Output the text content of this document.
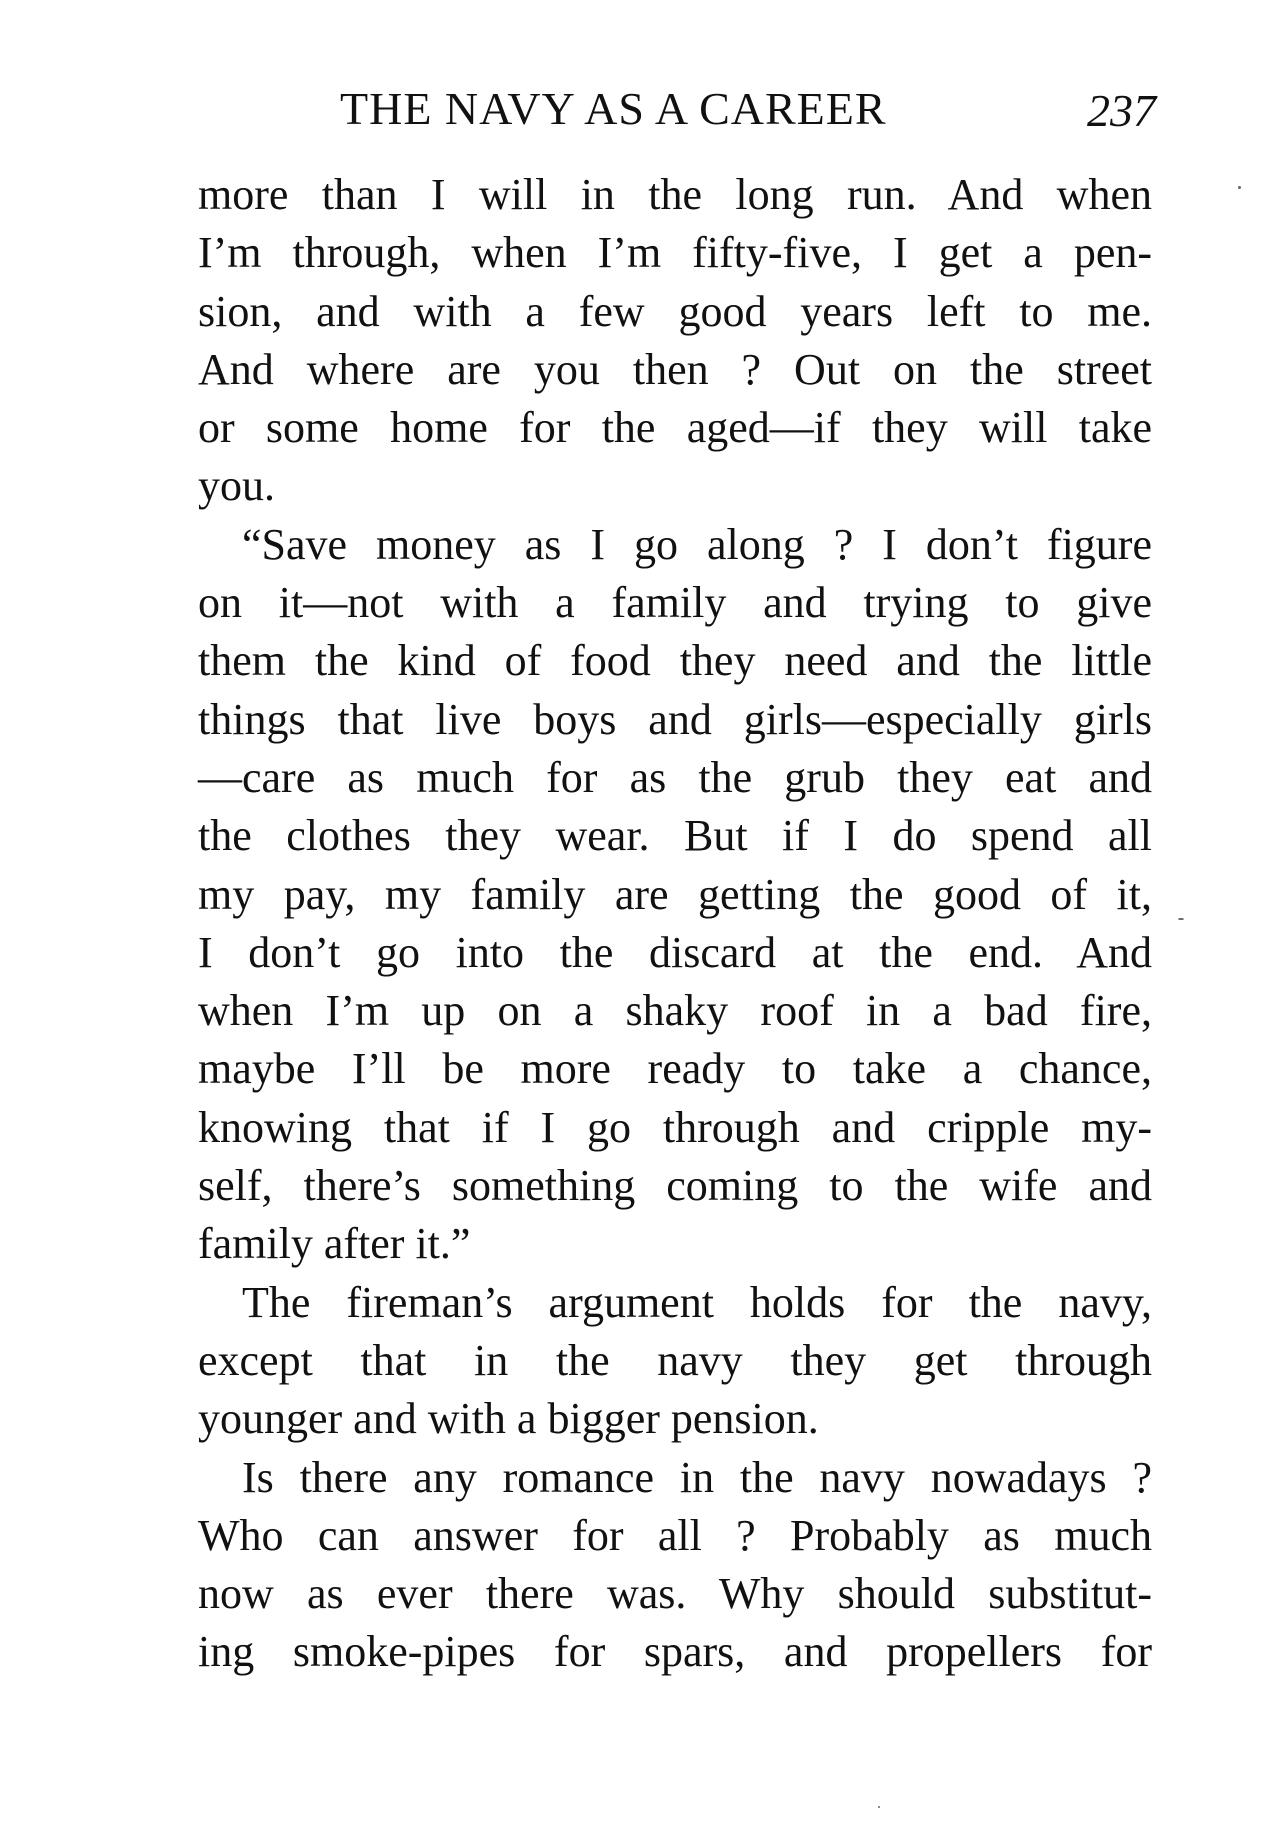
THE NAVY AS A CAREER	237
more than I will in the long run. And when
I’m through, when I’m fifty-five, I get a pen-
sion, and with a few good years left to me.
And where are you then ? Out on the street
or some home for the aged—if they will take
you.
“Save money as I go along ? I don’t figure
on it—not with a family and trying to give
them the kind of food they need and the little
things that live boys and girls—especially girls
—care as much for as the grub they eat and
the clothes they wear. But if I do spend all
my pay, my family are getting the good of it,
I don’t go into the discard at the end. And
when I’m up on a shaky roof in a bad fire,
maybe I’ll be more ready to take a chance,
knowing that if I go through and cripple my-
self, there’s something coming to the wife and
family after it.”
The fireman’s argument holds for the navy,
except that in the navy they get through
younger and with a bigger pension.
Is there any romance in the navy nowadays ?
Who can answer for all ? Probably as much
now as ever there was. Why should substitut-
ing smoke-pipes for spars, and propellers for
